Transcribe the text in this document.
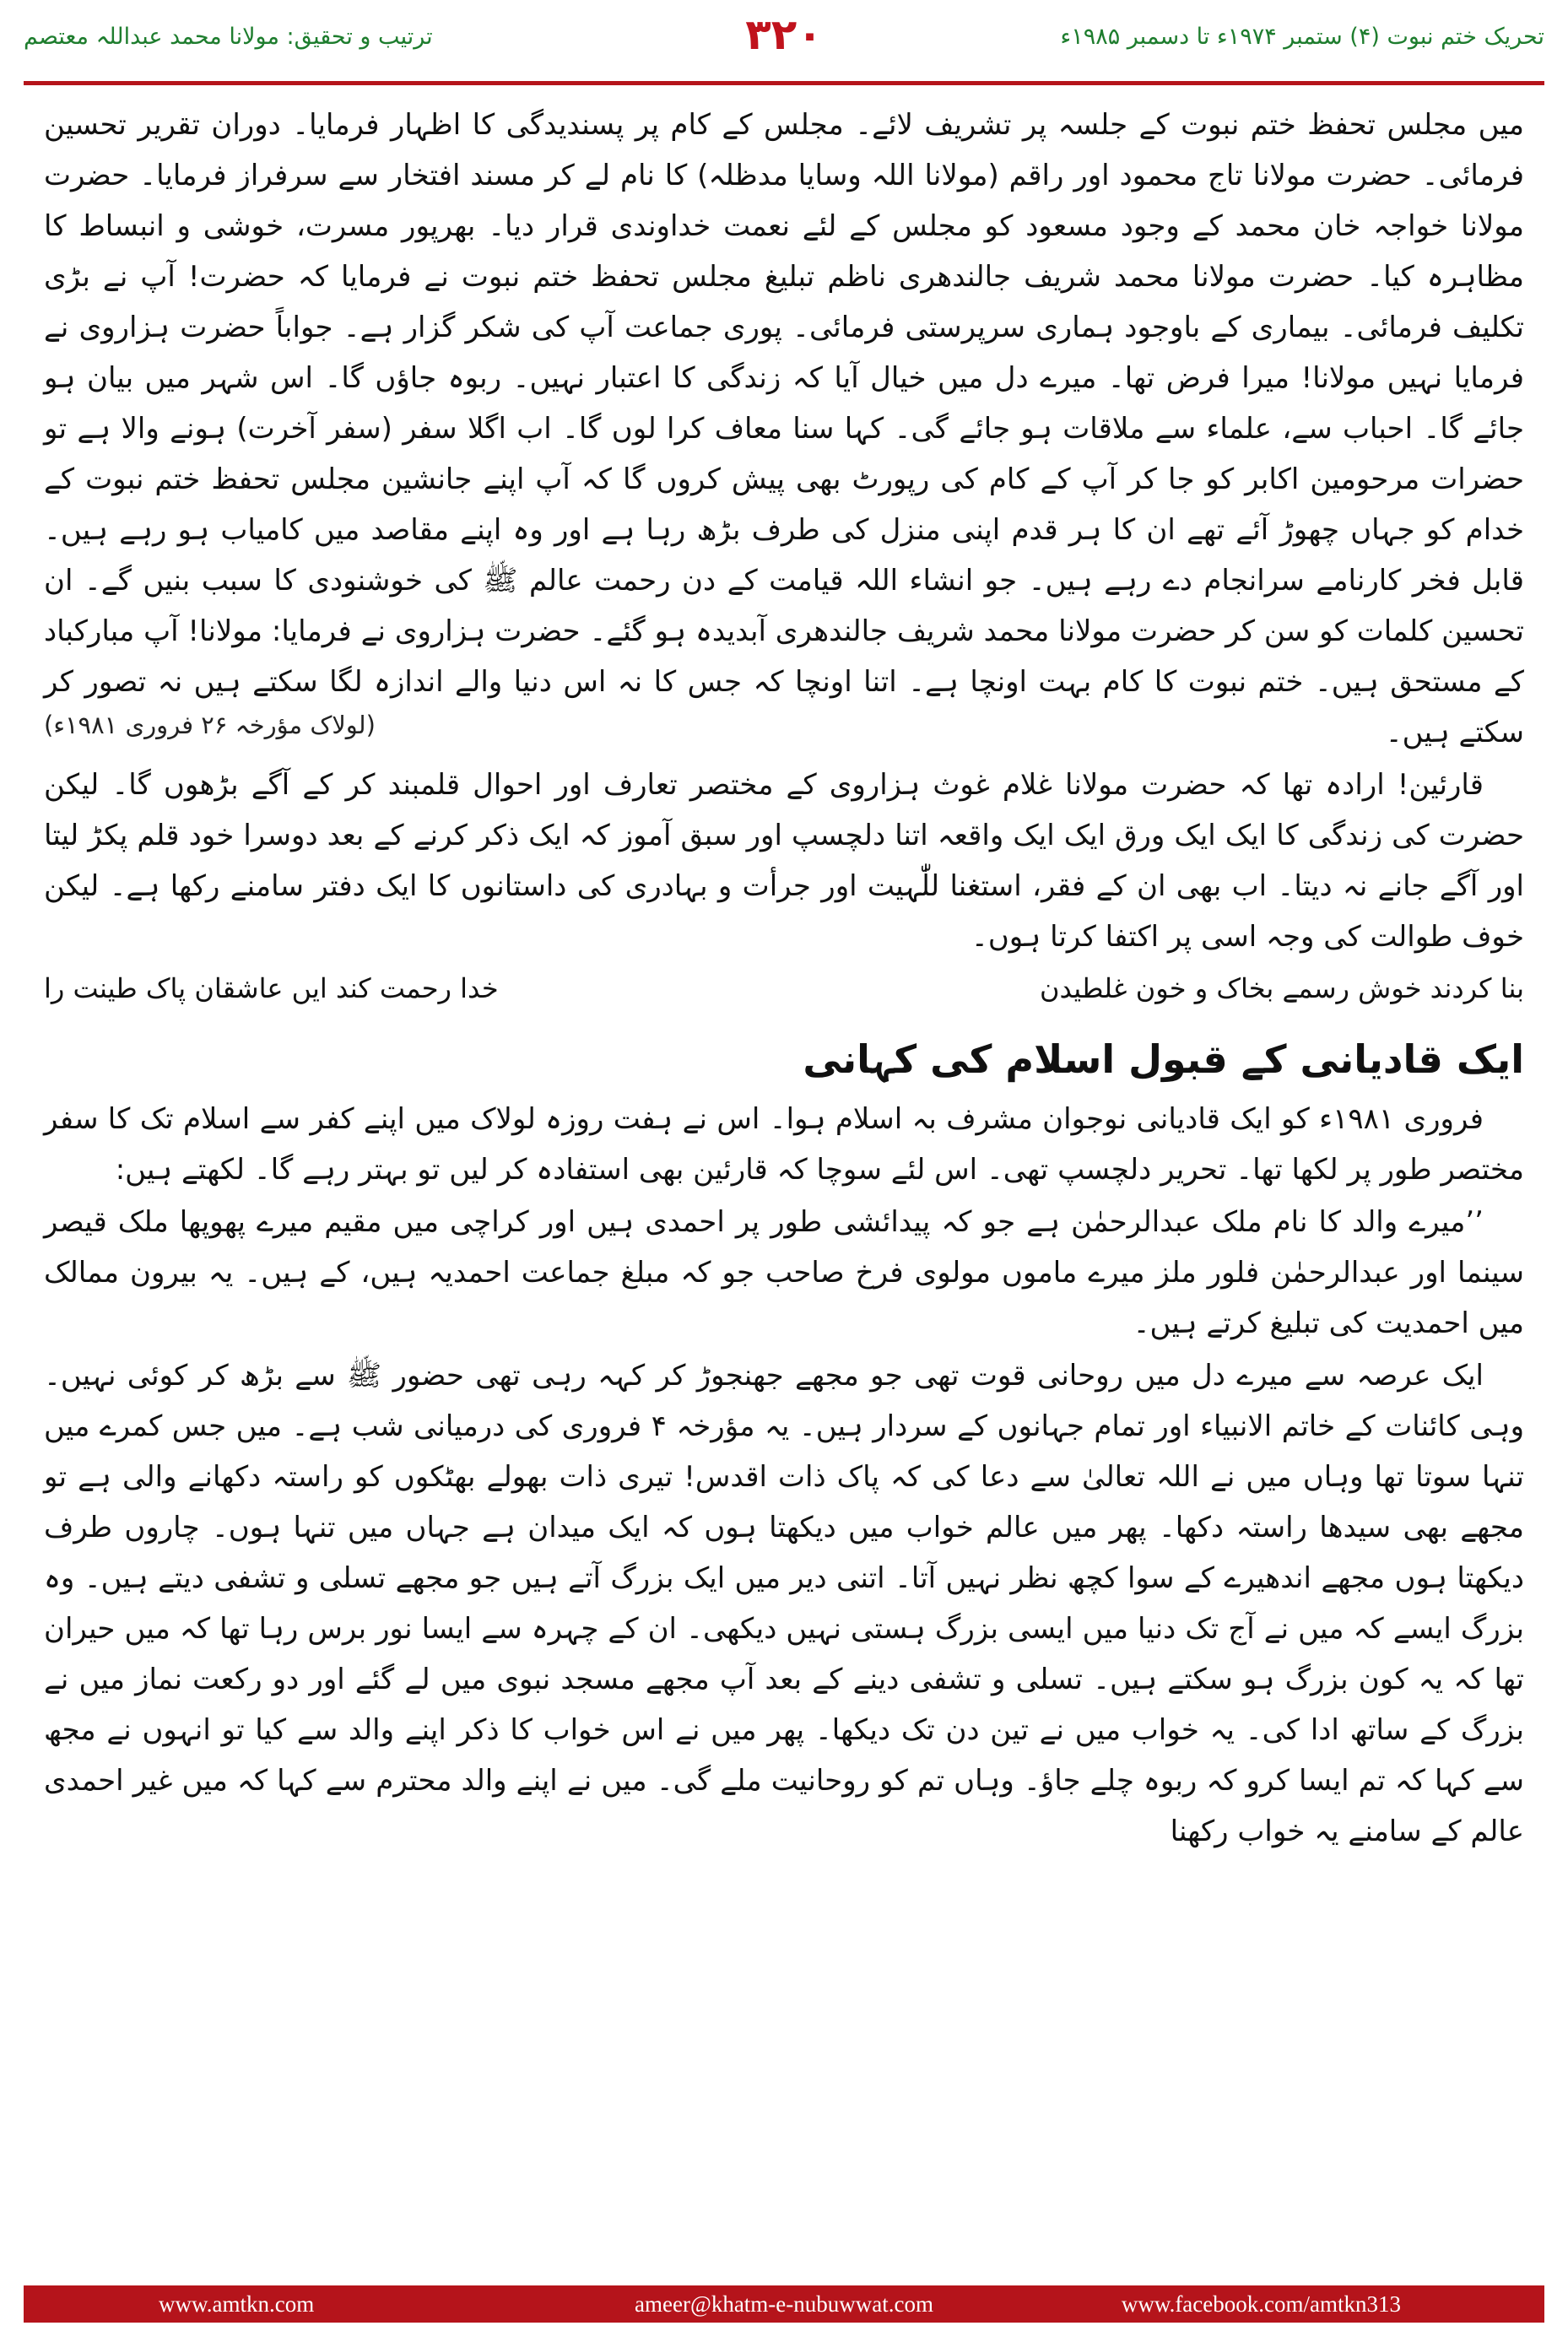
ترتیب و تحقیق: مولانا محمد عبداللہ معتصم	۳۲۰	تحریک ختم نبوت (۴) ستمبر ۱۹۷۴ء تا دسمبر ۱۹۸۵ء

میں مجلس تحفظ ختم نبوت کے جلسہ پر تشریف لائے۔ مجلس کے کام پر پسندیدگی کا اظہار فرمایا۔ دوران تقریر تحسین فرمائی۔ حضرت مولانا تاج محمود اور راقم (مولانا اللہ وسایا مدظلہ) کا نام لے کر مسند افتخار سے سرفراز فرمایا۔ حضرت مولانا خواجہ خان محمد کے وجود مسعود کو مجلس کے لئے نعمت خداوندی قرار دیا۔ بھرپور مسرت، خوشی و انبساط کا مظاہرہ کیا۔ حضرت مولانا محمد شریف جالندھری ناظم تبلیغ مجلس تحفظ ختم نبوت نے فرمایا کہ حضرت! آپ نے بڑی تکلیف فرمائی۔ بیماری کے باوجود ہماری سرپرستی فرمائی۔ پوری جماعت آپ کی شکر گزار ہے۔ جواباً حضرت ہزاروی نے فرمایا نہیں مولانا! میرا فرض تھا۔ میرے دل میں خیال آیا کہ زندگی کا اعتبار نہیں۔ ربوہ جاؤں گا۔ اس شہر میں بیان ہو جائے گا۔ احباب سے، علماء سے ملاقات ہو جائے گی۔ کہا سنا معاف کرا لوں گا۔ اب اگلا سفر (سفر آخرت) ہونے والا ہے تو حضرات مرحومین اکابر کو جا کر آپ کے کام کی رپورٹ بھی پیش کروں گا کہ آپ اپنے جانشین مجلس تحفظ ختم نبوت کے خدام کو جہاں چھوڑ آئے تھے ان کا ہر قدم اپنی منزل کی طرف بڑھ رہا ہے اور وہ اپنے مقاصد میں کامیاب ہو رہے ہیں۔ قابل فخر کارنامے سرانجام دے رہے ہیں۔ جو انشاء اللہ قیامت کے دن رحمت عالم ﷺ کی خوشنودی کا سبب بنیں گے۔ ان تحسین کلمات کو سن کر حضرت مولانا محمد شریف جالندھری آبدیدہ ہو گئے۔ حضرت ہزاروی نے فرمایا: مولانا! آپ مبارکباد کے مستحق ہیں۔ ختم نبوت کا کام بہت اونچا ہے۔ اتنا اونچا کہ جس کا نہ اس دنیا والے اندازہ لگا سکتے ہیں نہ تصور کر سکتے ہیں۔

(لولاک مؤرخہ ۲۶ فروری ۱۹۸۱ء)

قارئین! ارادہ تھا کہ حضرت مولانا غلام غوث ہزاروی کے مختصر تعارف اور احوال قلمبند کر کے آگے بڑھوں گا۔ لیکن حضرت کی زندگی کا ایک ایک ورق ایک ایک واقعہ اتنا دلچسپ اور سبق آموز کہ ایک ذکر کرنے کے بعد دوسرا خود قلم پکڑ لیتا اور آگے جانے نہ دیتا۔ اب بھی ان کے فقر، استغنا للّٰہیت اور جرأت و بہادری کی داستانوں کا ایک دفتر سامنے رکھا ہے۔ لیکن خوف طوالت کی وجہ اسی پر اکتفا کرتا ہوں۔

بنا کردند خوش رسمے بخاک و خون غلطیدن
خدا رحمت کند ایں عاشقان پاک طینت را
ایک قادیانی کے قبول اسلام کی کہانی

فروری ۱۹۸۱ء کو ایک قادیانی نوجوان مشرف بہ اسلام ہوا۔ اس نے ہفت روزہ لولاک میں اپنے کفر سے اسلام تک کا سفر مختصر طور پر لکھا تھا۔ تحریر دلچسپ تھی۔ اس لئے سوچا کہ قارئین بھی استفادہ کر لیں تو بہتر رہے گا۔ لکھتے ہیں:

’’میرے والد کا نام ملک عبدالرحمٰن ہے جو کہ پیدائشی طور پر احمدی ہیں اور کراچی میں مقیم میرے پھوپھا ملک قیصر سینما اور عبدالرحمٰن فلور ملز میرے ماموں مولوی فرخ صاحب جو کہ مبلغ جماعت احمدیہ ہیں، کے ہیں۔ یہ بیرون ممالک میں احمدیت کی تبلیغ کرتے ہیں۔

ایک عرصہ سے میرے دل میں روحانی قوت تھی جو مجھے جھنجوڑ کر کہہ رہی تھی حضور ﷺ سے بڑھ کر کوئی نہیں۔ وہی کائنات کے خاتم الانبیاء اور تمام جہانوں کے سردار ہیں۔ یہ مؤرخہ ۴ فروری کی درمیانی شب ہے۔ میں جس کمرے میں تنہا سوتا تھا وہاں میں نے اللہ تعالیٰ سے دعا کی کہ پاک ذات اقدس! تیری ذات بھولے بھٹکوں کو راستہ دکھانے والی ہے تو مجھے بھی سیدھا راستہ دکھا۔ پھر میں عالم خواب میں دیکھتا ہوں کہ ایک میدان ہے جہاں میں تنہا ہوں۔ چاروں طرف دیکھتا ہوں مجھے اندھیرے کے سوا کچھ نظر نہیں آتا۔ اتنی دیر میں ایک بزرگ آتے ہیں جو مجھے تسلی و تشفی دیتے ہیں۔ وہ بزرگ ایسے کہ میں نے آج تک دنیا میں ایسی بزرگ ہستی نہیں دیکھی۔ ان کے چہرہ سے ایسا نور برس رہا تھا کہ میں حیران تھا کہ یہ کون بزرگ ہو سکتے ہیں۔ تسلی و تشفی دینے کے بعد آپ مجھے مسجد نبوی میں لے گئے اور دو رکعت نماز میں نے بزرگ کے ساتھ ادا کی۔ یہ خواب میں نے تین دن تک دیکھا۔ پھر میں نے اس خواب کا ذکر اپنے والد سے کیا تو انہوں نے مجھ سے کہا کہ تم ایسا کرو کہ ربوہ چلے جاؤ۔ وہاں تم کو روحانیت ملے گی۔ میں نے اپنے والد محترم سے کہا کہ میں غیر احمدی عالم کے سامنے یہ خواب رکھنا

www.amtkn.com	ameer@khatm-e-nubuwwat.com	www.facebook.com/amtkn313
